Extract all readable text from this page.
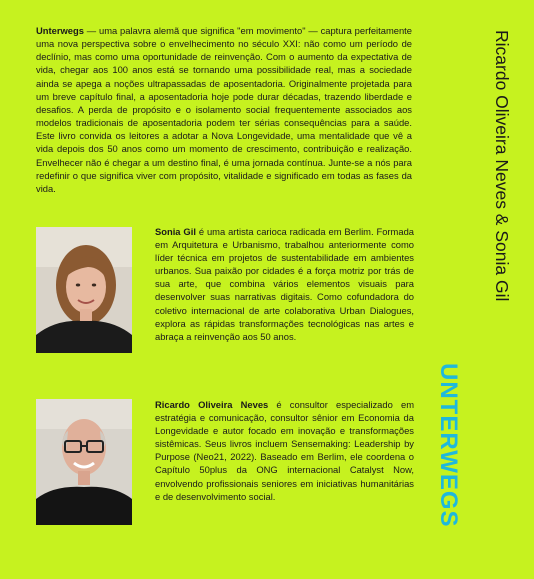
Unterwegs — uma palavra alemã que significa "em movimento" — captura perfeitamente uma nova perspectiva sobre o envelhecimento no século XXI: não como um período de declínio, mas como uma oportunidade de reinvenção. Com o aumento da expectativa de vida, chegar aos 100 anos está se tornando uma possibilidade real, mas a sociedade ainda se apega a noções ultrapassadas de aposentadoria. Originalmente projetada para um breve capítulo final, a aposentadoria hoje pode durar décadas, trazendo liberdade e desafios. A perda de propósito e o isolamento social frequentemente associados aos modelos tradicionais de aposentadoria podem ter sérias consequências para a saúde. Este livro convida os leitores a adotar a Nova Longevidade, uma mentalidade que vê a vida depois dos 50 anos como um momento de crescimento, contribuição e realização. Envelhecer não é chegar a um destino final, é uma jornada contínua. Junte-se a nós para redefinir o que significa viver com propósito, vitalidade e significado em todas as fases da vida.

Sonia Gil é uma artista carioca radicada em Berlim. Formada em Arquitetura e Urbanismo, trabalhou anteriormente como líder técnica em projetos de sustentabilidade em ambientes urbanos. Sua paixão por cidades é a força motriz por trás de sua arte, que combina vários elementos visuais para desenvolver suas narrativas digitais. Como cofundadora do coletivo internacional de arte colaborativa Urban Dialogues, explora as rápidas transformações tecnológicas nas artes e abraça a reinvenção aos 50 anos.

Ricardo Oliveira Neves é consultor especializado em estratégia e comunicação, consultor sênior em Economia da Longevidade e autor focado em inovação e transformações sistêmicas. Seus livros incluem Sensemaking: Leadership by Purpose (Neo21, 2022). Baseado em Berlim, ele coordena o Capítulo 50plus da ONG internacional Catalyst Now, envolvendo profissionais seniores em iniciativas humanitárias e de desenvolvimento social.

Ricardo Oliveira Neves & Sonia Gil
UNTERWEGS
